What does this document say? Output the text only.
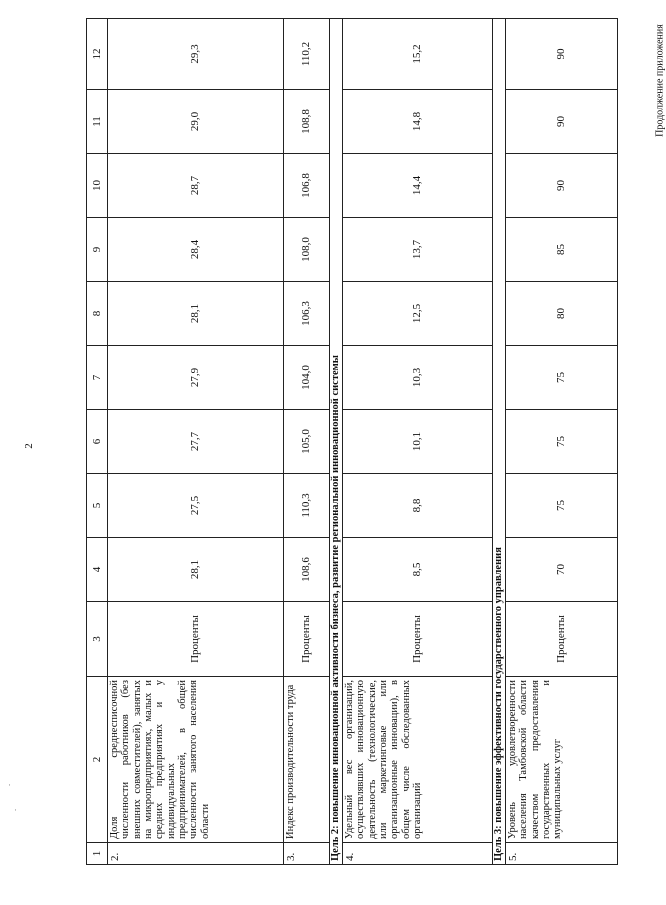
2
Продолжение приложения
·
·
1	2	3	4	5	6	7	8	9	10	11	12
2.	Доля среднесписочной численности работников (без внешних совместителей), занятых на микропредприятиях, малых и средних предприятиях и у индивидуальных предпринимателей, в общей численности занятого населения области	Проценты	28,1	27,5	27,7	27,9	28,1	28,4	28,7	29,0	29,3
3.	Индекс производительности труда	Проценты	108,6	110,3	105,0	104,0	106,3	108,0	106,8	108,8	110,2
Цель 2: повышение инновационной активности бизнеса, развитие региональной инновационной системы											
4.	Удельный вес организаций, осуществлявших инновационную деятельность (технологические, или маркетинговые или организационные инновации), в общем числе обследованных организаций	Проценты	8,5	8,8	10,1	10,3	12,5	13,7	14,4	14,8	15,2
Цель 3: повышение эффективности государственного управления											
5.	Уровень удовлетворенности населения Тамбовской области качеством предоставления государственных и муниципальных услуг	Проценты	70	75	75	75	80	85	90	90	90
